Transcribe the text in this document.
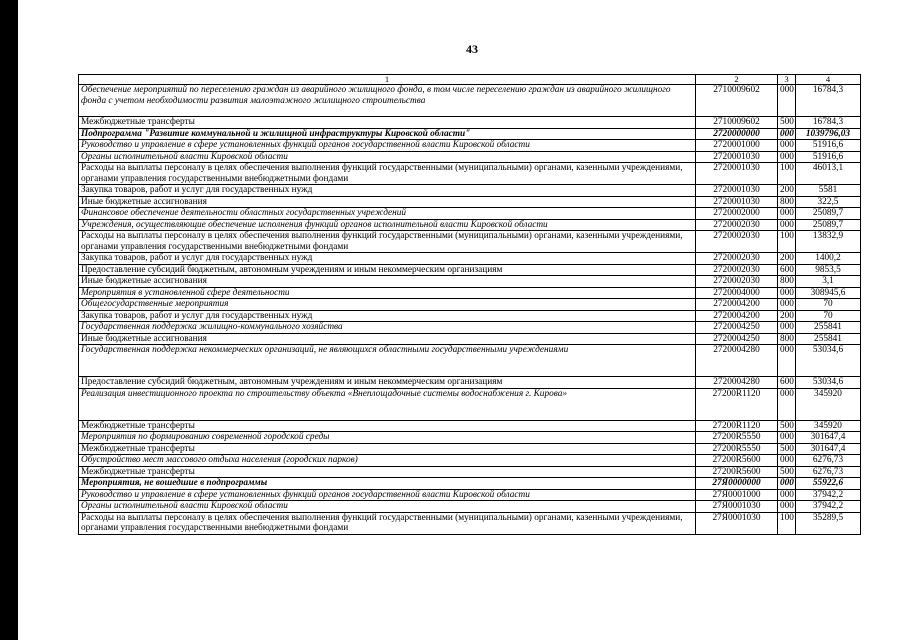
43
1	2	3	4
Обеспечение мероприятий по переселению граждан из аварийного жилищного фонда, в том числе переселению граждан из аварийного жилищного фонда с учетом необходимости развития малоэтажного жилищного строительства	2710009602	000	16784,3
Межбюджетные трансферты	2710009602	500	16784,3
Подпрограмма "Развитие коммунальной и жилищной инфраструктуры Кировской области"	2720000000	000	1039796,03
Руководство и управление в сфере установленных функций органов государственной власти Кировской области	2720001000	000	51916,6
Органы исполнительной власти Кировской области	2720001030	000	51916,6
Расходы на выплаты персоналу в целях обеспечения выполнения функций государственными (муниципальными) органами, казенными учреждениями, органами управления государственными внебюджетными фондами	2720001030	100	46013,1
Закупка товаров, работ и услуг для государственных нужд	2720001030	200	5581
Иные бюджетные ассигнования	2720001030	800	322,5
Финансовое обеспечение деятельности областных государственных учреждений	2720002000	000	25089,7
Учреждения, осуществляющие обеспечение исполнения функций органов исполнительной власти Кировской области	2720002030	000	25089,7
Расходы на выплаты персоналу в целях обеспечения выполнения функций государственными (муниципальными) органами, казенными учреждениями, органами управления государственными внебюджетными фондами	2720002030	100	13832,9
Закупка товаров, работ и услуг для государственных нужд	2720002030	200	1400,2
Предоставление субсидий бюджетным, автономным учреждениям и иным некоммерческим организациям	2720002030	600	9853,5
Иные бюджетные ассигнования	2720002030	800	3,1
Мероприятия в установленной сфере деятельности	2720004000	000	308945,6
Общегосударственные мероприятия	2720004200	000	70
Закупка товаров, работ и услуг для государственных нужд	2720004200	200	70
Государственная поддержка жилищно-коммунального хозяйства	2720004250	000	255841
Иные бюджетные ассигнования	2720004250	800	255841
Государственная поддержка некоммерческих организаций, не являющихся областными государственными учреждениями	2720004280	000	53034,6
Предоставление субсидий бюджетным, автономным учреждениям и иным некоммерческим организациям	2720004280	600	53034,6
Реализация инвестиционного проекта по строительству объекта «Внеплощадочные системы водоснабжения г. Кирова»	27200R1120	000	345920
Межбюджетные трансферты	27200R1120	500	345920
Мероприятия по формированию современной городской среды	27200R5550	000	301647,4
Межбюджетные трансферты	27200R5550	500	301647,4
Обустройство мест массового отдыха населения (городских парков)	27200R5600	000	6276,73
Межбюджетные трансферты	27200R5600	500	6276,73
Мероприятия, не вошедшие в подпрограммы	27Я0000000	000	55922,6
Руководство и управление в сфере установленных функций органов государственной власти Кировской области	27Я0001000	000	37942,2
Органы исполнительной власти Кировской области	27Я0001030	000	37942,2
Расходы на выплаты персоналу в целях обеспечения выполнения функций государственными (муниципальными) органами, казенными учреждениями, органами управления государственными внебюджетными фондами	27Я0001030	100	35289,5
